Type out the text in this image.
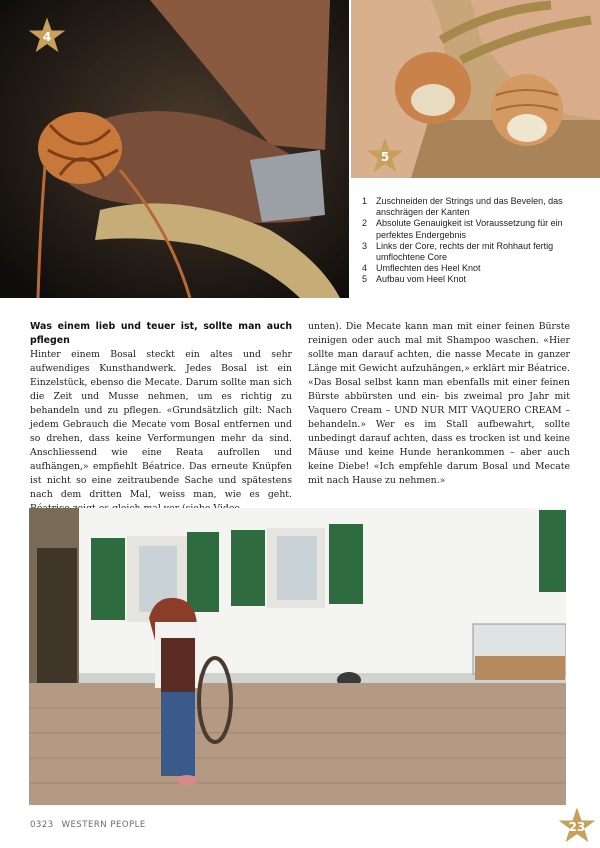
4
5
1 Zuschneiden der Strings und das Bevelen, das anschrägen der Kanten
2 Absolute Genauigkeit ist Voraussetzung für ein perfektes Endergebnis
3 Links der Core, rechts der mit Rohhaut fertig umflochtene Core
4 Umflechten des Heel Knot
5 Aufbau vom Heel Knot
Was einem lieb und teuer ist, sollte man auch pflegen

Hinter einem Bosal steckt ein altes und sehr aufwendiges Kunsthandwerk. Jedes Bosal ist ein Einzelstück, ebenso die Mecate. Darum sollte man sich die Zeit und Musse nehmen, um es richtig zu behandeln und zu pflegen. «Grundsätzlich gilt: Nach jedem Gebrauch die Mecate vom Bosal entfernen und so drehen, dass keine Verformungen mehr da sind. Anschliessend wie eine Reata aufrollen und aufhängen,» empfiehlt Béatrice. Das erneute Knüpfen ist nicht so eine zeitraubende Sache und spätestens nach dem dritten Mal, weiss man, wie es geht.

unten). Die Mecate kann man mit einer feinen Bürste reinigen oder auch mal mit Shampoo waschen. «Hier sollte man darauf achten, die nasse Mecate in ganzer Länge mit Gewicht aufzuhängen,» erklärt mir Béatrice. «Das Bosal selbst kann man ebenfalls mit einer feinen Bürste abbürsten und ein- bis zweimal pro Jahr mit Vaquero Cream – UND NUR MIT VAQUERO CREAM – behandeln.» Wer es im Stall aufbewahrt, sollte unbedingt darauf achten, dass es trocken ist und keine Mäuse und keine Hunde herankommen – aber auch keine Diebe! «Ich empfehle darum Bosal und Mecate mit nach Hause zu nehmen.»

0323 WESTERN PEOPLE	23
